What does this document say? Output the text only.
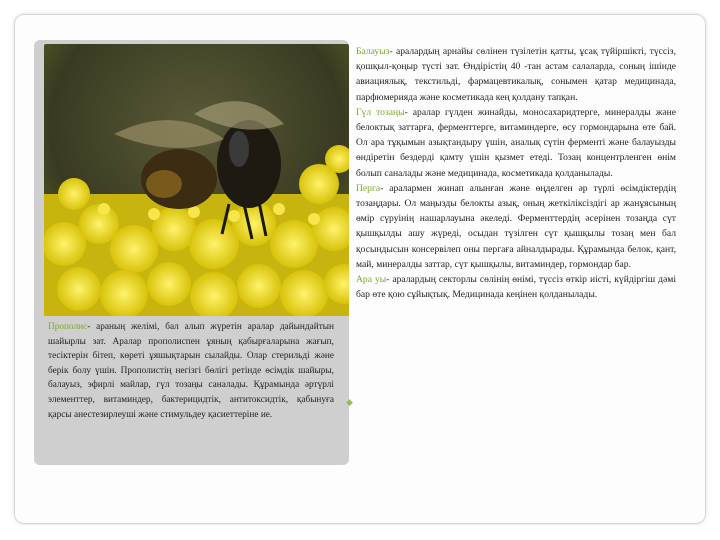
Прополис- араның желімі, бал алып жүретін аралар дайындайтын шайырлы зат. Аралар прополиспен ұяның қабырғаларына жағып, тесіктерін бітеп, көреті ұяшықтарын сылайды. Олар стерильді және берік болу үшін. Прополистің негізгі бөлігі ретінде өсімдік шайыры, балауыз, эфирлі майлар, гүл тозаңы саналады. Құрамында әртүрлі элементтер, витаминдер, бактерицидтік, антитоксидтік, қабынуға қарсы анестезирлеуші және стимульдеу қасиеттеріне ие.

◆

Балауыз- аралардың арнайы сөлінен түзілетін қатты, ұсақ түйіршікті, түссіз, қошқыл-қоңыр түсті зат. Өндірістің 40 -тан астам салаларда, соның ішінде авиациялық, текстильді, фармацевтикалық, сонымен қатар медицинада, парфюмерияда және косметикада кең қолдану тапқан.

Гүл тозаңы- аралар гүлден жинайды, моносахаридтерге, минералды және белоктық заттарға, ферменттерге, витаминдерге, өсу гормондарына өте бай. Ол ара тұқымын азықтандыру үшін, аналық сүтін ферменті және балауызды өндіретін бездерді қамту үшін қызмет етеді. Тозаң концентрленген өнім болып саналады және медицинада, косметикада қолданылады.

Перга- аралармен жинап алынған және өңделген әр түрлі өсімдіктердің тозаңдары. Ол маңызды белокты азық, оның жеткіліксіздігі ар жанұясының өмір сүруінің нашарлауына әкеледі. Ферменттердің әсерінен тозаңда сүт қышқылды ашу жүреді, осыдан түзілген сүт қышқылы тозаң мен бал қосындысын консервілеп оны пергаға айналдырады. Құрамында белок, қант, май, минералды заттар, сүт қышқылы, витаминдер, гормондар бар.

Ара уы- аралардың секторлы сөлінің өнімі, түссіз өткір иісті, күйдіргіш дәмі бар өте қою сұйықтық. Медицинада кеңінен қолданылады.
